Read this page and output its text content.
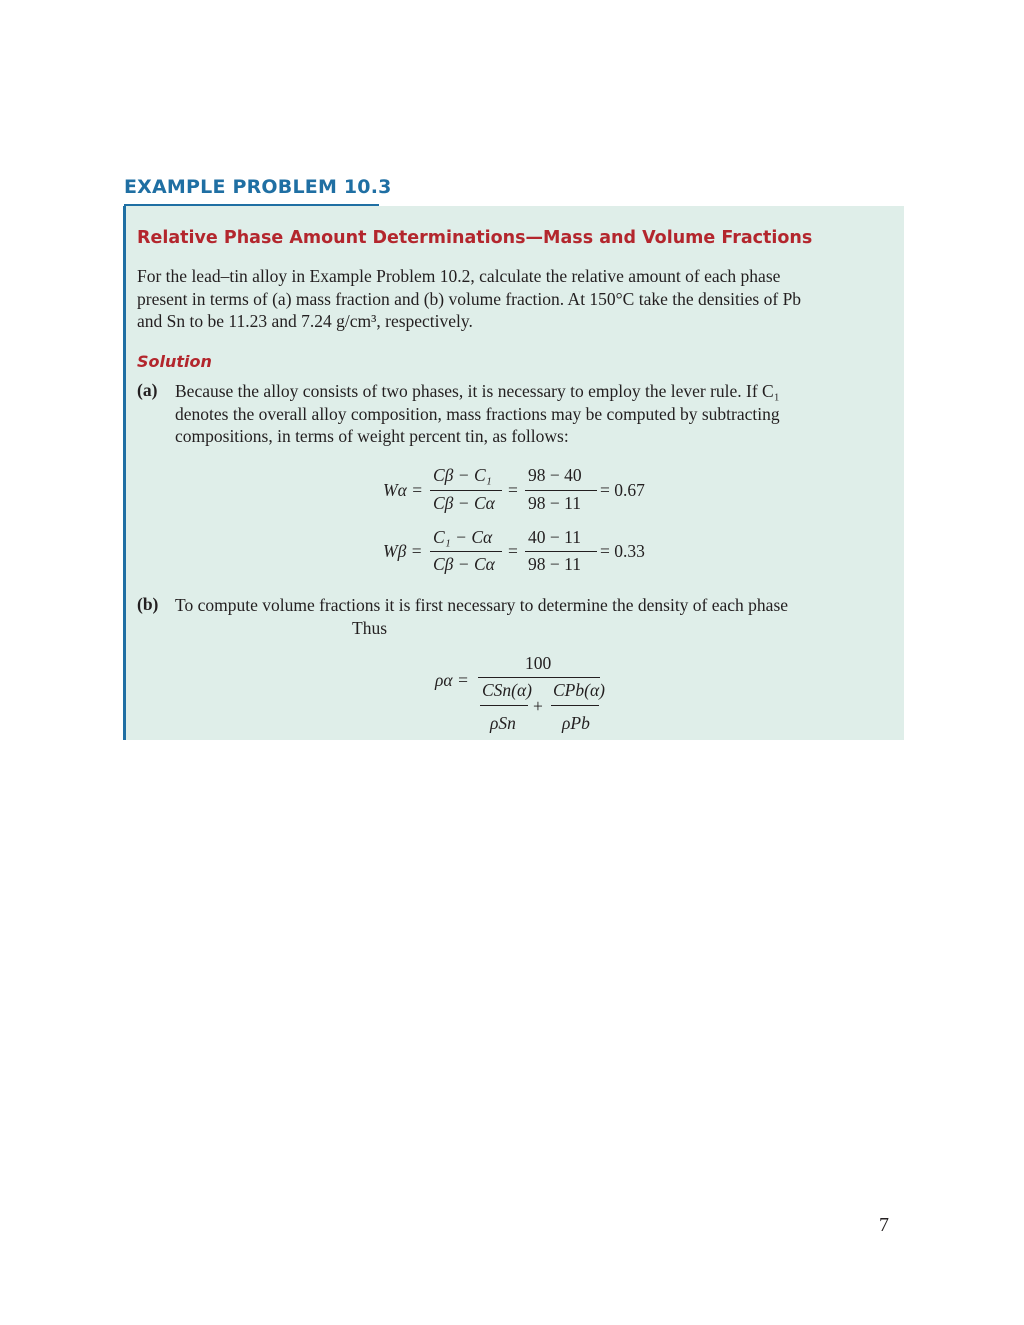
EXAMPLE PROBLEM 10.3
Relative Phase Amount Determinations—Mass and Volume Fractions
For the lead–tin alloy in Example Problem 10.2, calculate the relative amount of each phase
present in terms of (a) mass fraction and (b) volume fraction. At 150°C take the densities of Pb
and Sn to be 11.23 and 7.24 g/cm³, respectively.
Solution
(a) Because the alloy consists of two phases, it is necessary to employ the lever rule. If C₁
denotes the overall alloy composition, mass fractions may be computed by subtracting
compositions, in terms of weight percent tin, as follows:
Wα =
Cβ − C₁
Cβ − Cα
=
98 − 40
98 − 11
= 0.67
Wβ =
C₁ − Cα
Cβ − Cα
=
40 − 11
98 − 11
= 0.33
(b) To compute volume fractions it is first necessary to determine the density of each phase
Thus
ρα =
100
CSn(α)
ρSn
+
CPb(α)
ρPb
7
